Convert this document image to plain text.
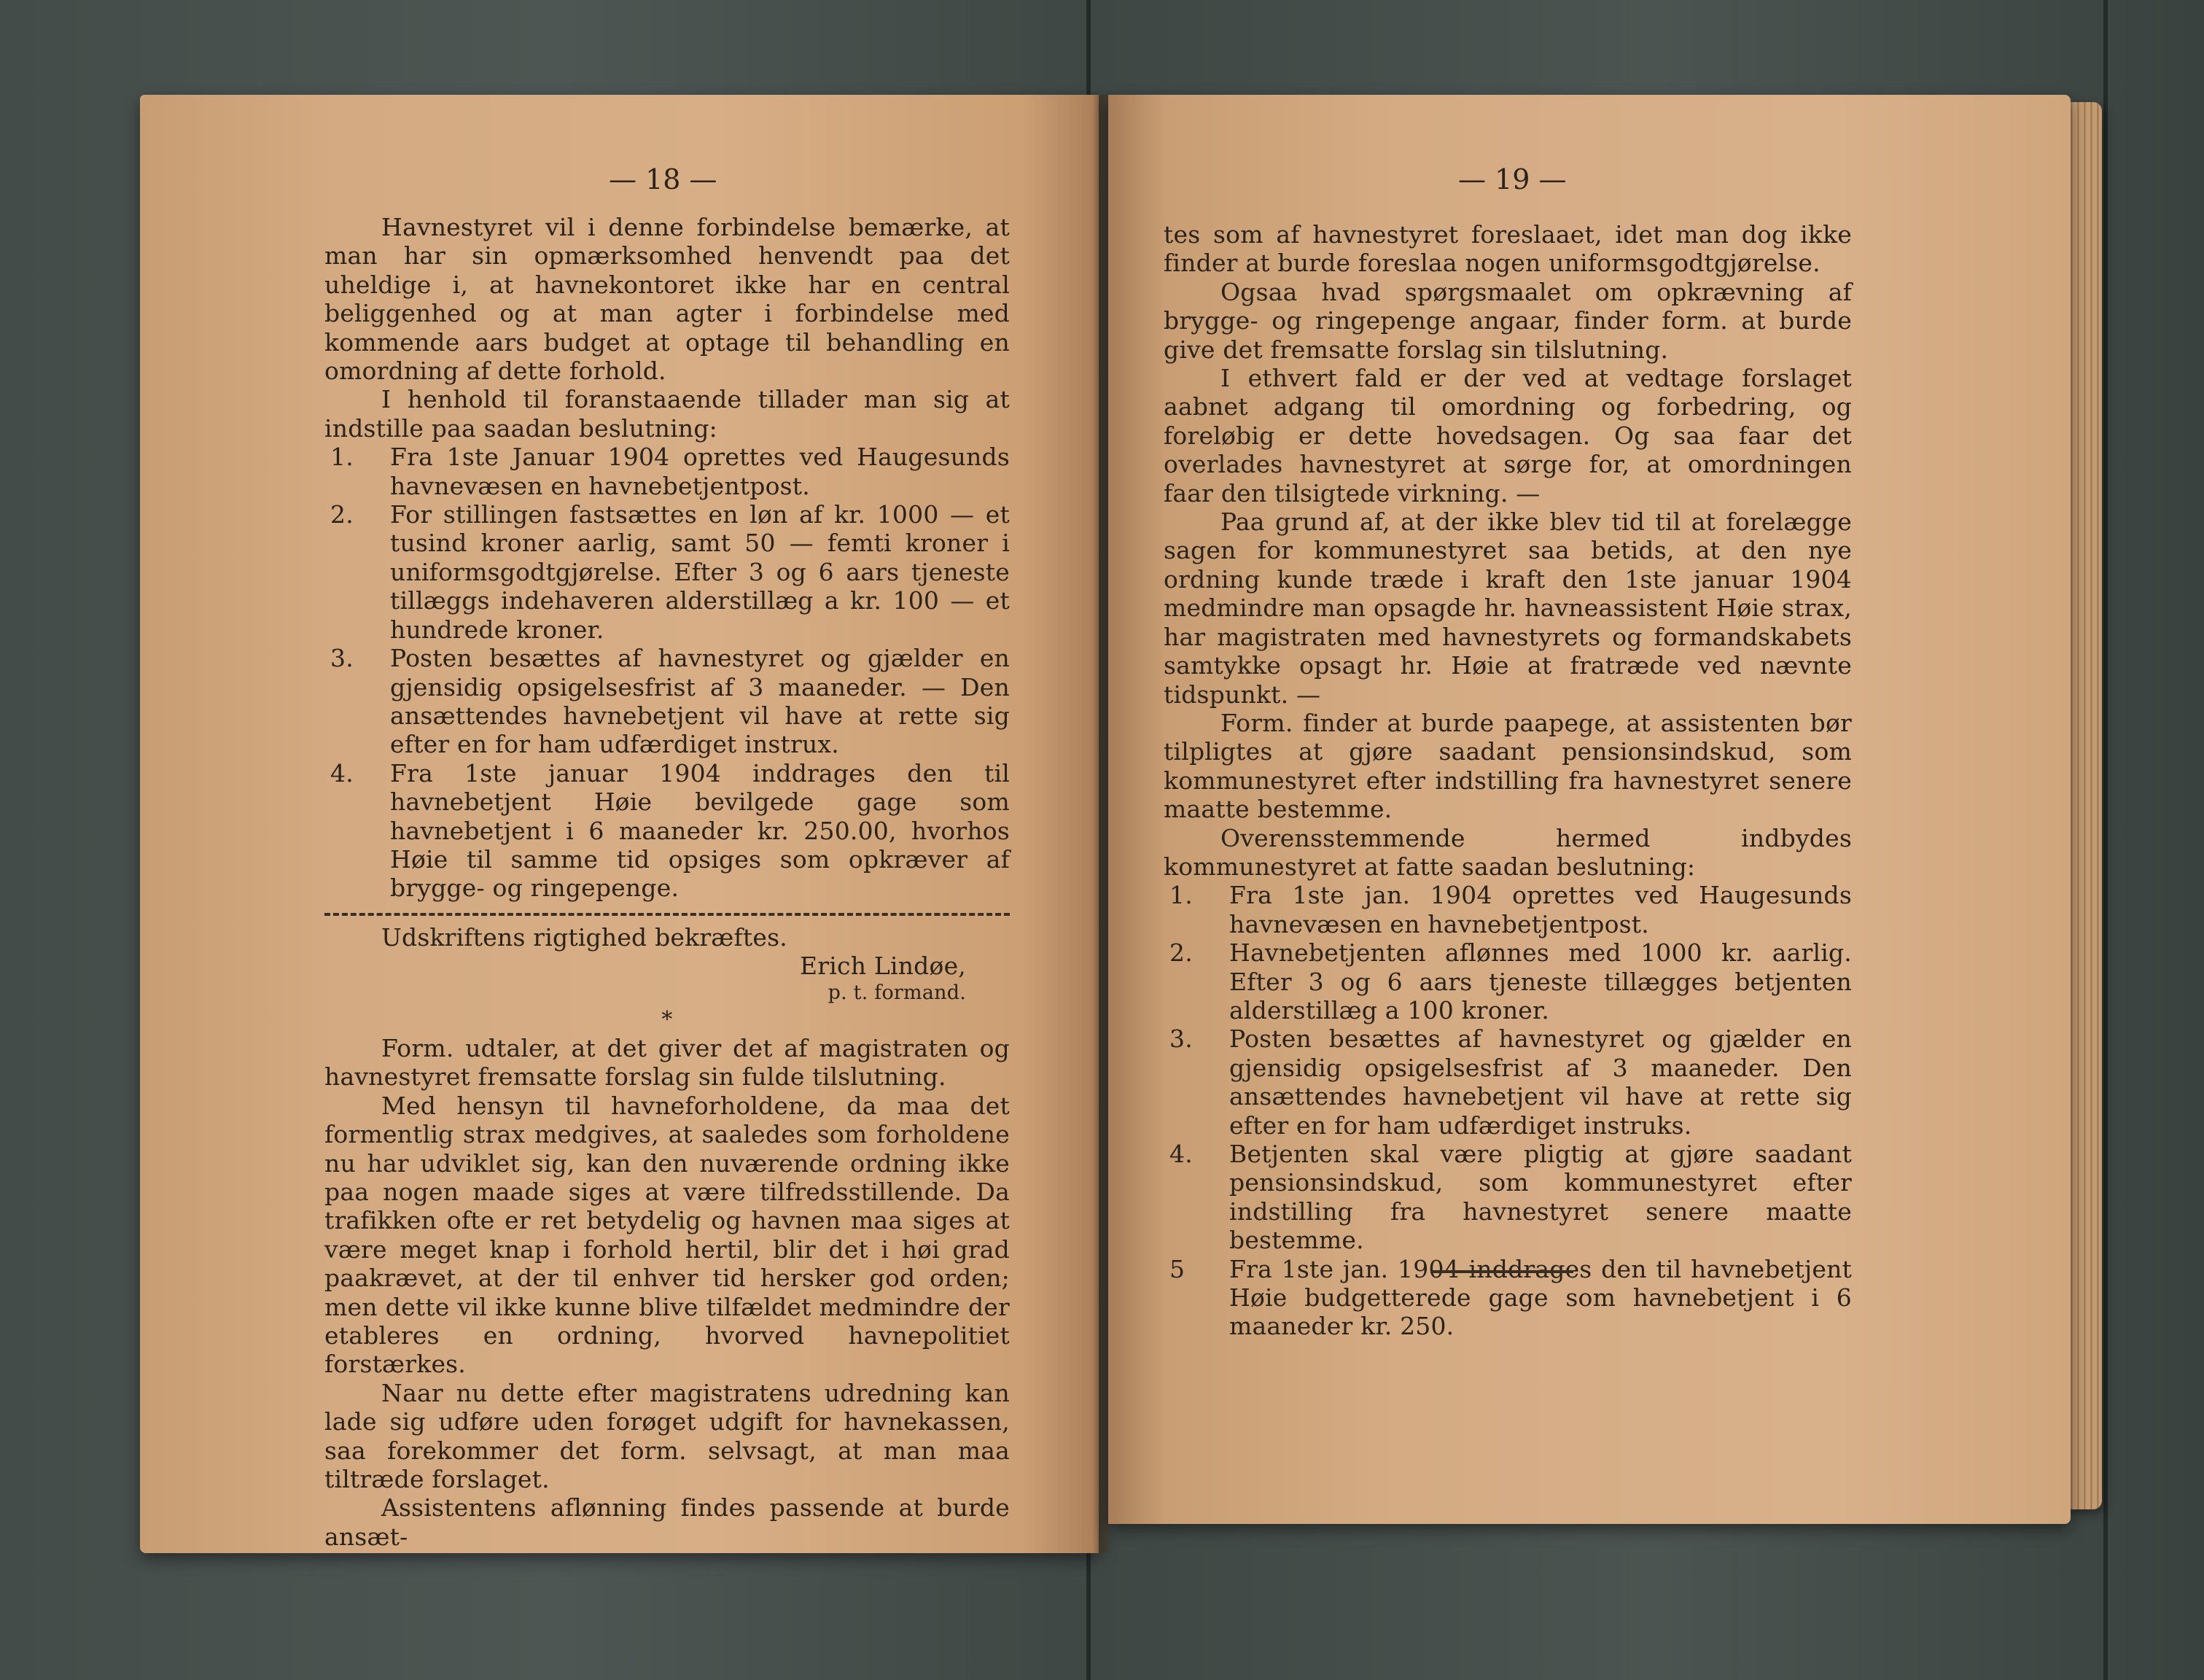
— 18 —

Havnestyret vil i denne forbindelse bemærke, at man har sin opmærksomhed henvendt paa det uheldige i, at havnekontoret ikke har en central beliggenhed og at man agter i forbindelse med kommende aars budget at optage til behandling en omordning af dette forhold.

I henhold til foranstaaende tillader man sig at indstille paa saadan beslutning:

1. Fra 1ste Januar 1904 oprettes ved Haugesunds havnevæsen en havnebetjentpost.
2. For stillingen fastsættes en løn af kr. 1000 — et tusind kroner aarlig, samt 50 — femti kroner i uniformsgodtgjørelse. Efter 3 og 6 aars tjeneste tillæggs indehaveren alderstillæg a kr. 100 — et hundrede kroner.
3. Posten besættes af havnestyret og gjælder en gjensidig opsigelsesfrist af 3 maaneder. — Den ansættendes havnebetjent vil have at rette sig efter en for ham udfærdiget instrux.
4. Fra 1ste januar 1904 inddrages den til havnebetjent Høie bevilgede gage som havnebetjent i 6 maaneder kr. 250.00, hvorhos Høie til samme tid opsiges som opkræver af brygge- og ringepenge.

Udskriftens rigtighed bekræftes.

Erich Lindøe,

p. t. formand.

*

Form. udtaler, at det giver det af magistraten og havnestyret fremsatte forslag sin fulde tilslutning.

Med hensyn til havneforholdene, da maa det formentlig strax medgives, at saaledes som forholdene nu har udviklet sig, kan den nuværende ordning ikke paa nogen maade siges at være tilfredsstillende. Da trafikken ofte er ret betydelig og havnen maa siges at være meget knap i forhold hertil, blir det i høi grad paakrævet, at der til enhver tid hersker god orden; men dette vil ikke kunne blive tilfældet medmindre der etableres en ordning, hvorved havnepolitiet forstærkes.

Naar nu dette efter magistratens udredning kan lade sig udføre uden forøget udgift for havnekassen, saa forekommer det form. selvsagt, at man maa tiltræde forslaget.

Assistentens aflønning findes passende at burde ansæt-

— 19 —

tes som af havnestyret foreslaaet, idet man dog ikke finder at burde foreslaa nogen uniformsgodtgjørelse.

Ogsaa hvad spørgsmaalet om opkrævning af brygge- og ringepenge angaar, finder form. at burde give det fremsatte forslag sin tilslutning.

I ethvert fald er der ved at vedtage forslaget aabnet adgang til omordning og forbedring, og foreløbig er dette hovedsagen. Og saa faar det overlades havnestyret at sørge for, at omordningen faar den tilsigtede virkning. —

Paa grund af, at der ikke blev tid til at forelægge sagen for kommunestyret saa betids, at den nye ordning kunde træde i kraft den 1ste januar 1904 medmindre man opsagde hr. havneassistent Høie strax, har magistraten med havnestyrets og formandskabets samtykke opsagt hr. Høie at fratræde ved nævnte tidspunkt. —

Form. finder at burde paapege, at assistenten bør tilpligtes at gjøre saadant pensionsindskud, som kommunestyret efter indstilling fra havnestyret senere maatte bestemme.

Overensstemmende hermed indbydes kommunestyret at fatte saadan beslutning:

1. Fra 1ste jan. 1904 oprettes ved Haugesunds havnevæsen en havnebetjentpost.
2. Havnebetjenten aflønnes med 1000 kr. aarlig. Efter 3 og 6 aars tjeneste tillægges betjenten alderstillæg a 100 kroner.
3. Posten besættes af havnestyret og gjælder en gjensidig opsigelsesfrist af 3 maaneder. Den ansættendes havnebetjent vil have at rette sig efter en for ham udfærdiget instruks.
4. Betjenten skal være pligtig at gjøre saadant pensionsindskud, som kommunestyret efter indstilling fra havnestyret senere maatte bestemme.
5 Fra 1ste jan. 1904 inddrages den til havnebetjent Høie budgetterede gage som havnebetjent i 6 maaneder kr. 250.
